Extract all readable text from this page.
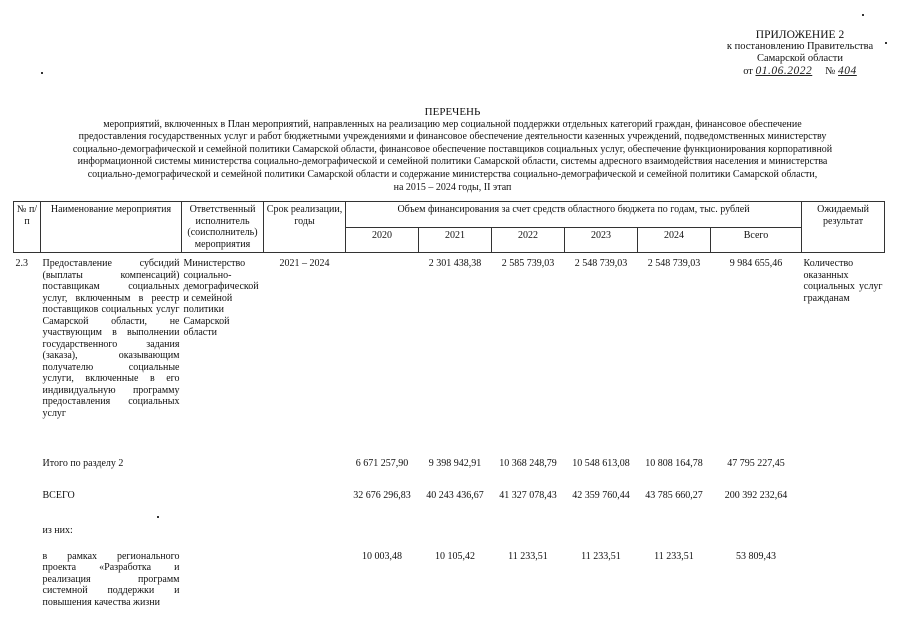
ПРИЛОЖЕНИЕ 2
к постановлению Правительства
Самарской области
от 01.06.2022 № 404
ПЕРЕЧЕНЬ
мероприятий, включенных в План мероприятий, направленных на реализацию мер социальной поддержки отдельных категорий граждан, финансовое обеспечение
предоставления государственных услуг и работ бюджетными учреждениями и финансовое обеспечение деятельности казенных учреждений, подведомственных министерству
социально-демографической и семейной политики Самарской области, финансовое обеспечение поставщиков социальных услуг, обеспечение функционирования корпоративной
информационной системы министерства социально-демографической и семейной политики Самарской области, системы адресного взаимодействия населения и министерства
социально-демографической и семейной политики Самарской области и содержание министерства социально-демографической и семейной политики Самарской области,
на 2015 – 2024 годы, II этап
№ п/п	Наименование мероприятия	Ответственный исполнитель (соисполнитель) мероприятия	Срок реализации, годы	Объем финансирования за счет средств областного бюджета по годам, тыс. рублей						Ожидаемый результат
				2020	2021	2022	2023	2024	Всего	
2.3	Предоставление субсидий (выплаты компенсаций) поставщикам социальных услуг, включенным в реестр поставщиков социальных услуг Самарской области, не участвующим в выполнении государственного задания (заказа), оказывающим получателю социальные услуги, включенные в его индивидуальную программу предоставления социальных услуг	Министерство социально-демографической и семейной политики Самарской области	2021 – 2024		2 301 438,38	2 585 739,03	2 548 739,03	2 548 739,03	9 984 655,46	Количество оказанных социальных услуг гражданам
	Итого по разделу 2			6 671 257,90	9 398 942,91	10 368 248,79	10 548 613,08	10 808 164,78	47 795 227,45	
	ВСЕГО			32 676 296,83	40 243 436,67	41 327 078,43	42 359 760,44	43 785 660,27	200 392 232,64	
	из них:									
	в рамках регионального проекта «Разработка и реализация программ системной поддержки и повышения качества жизни			10 003,48	10 105,42	11 233,51	11 233,51	11 233,51	53 809,43	
